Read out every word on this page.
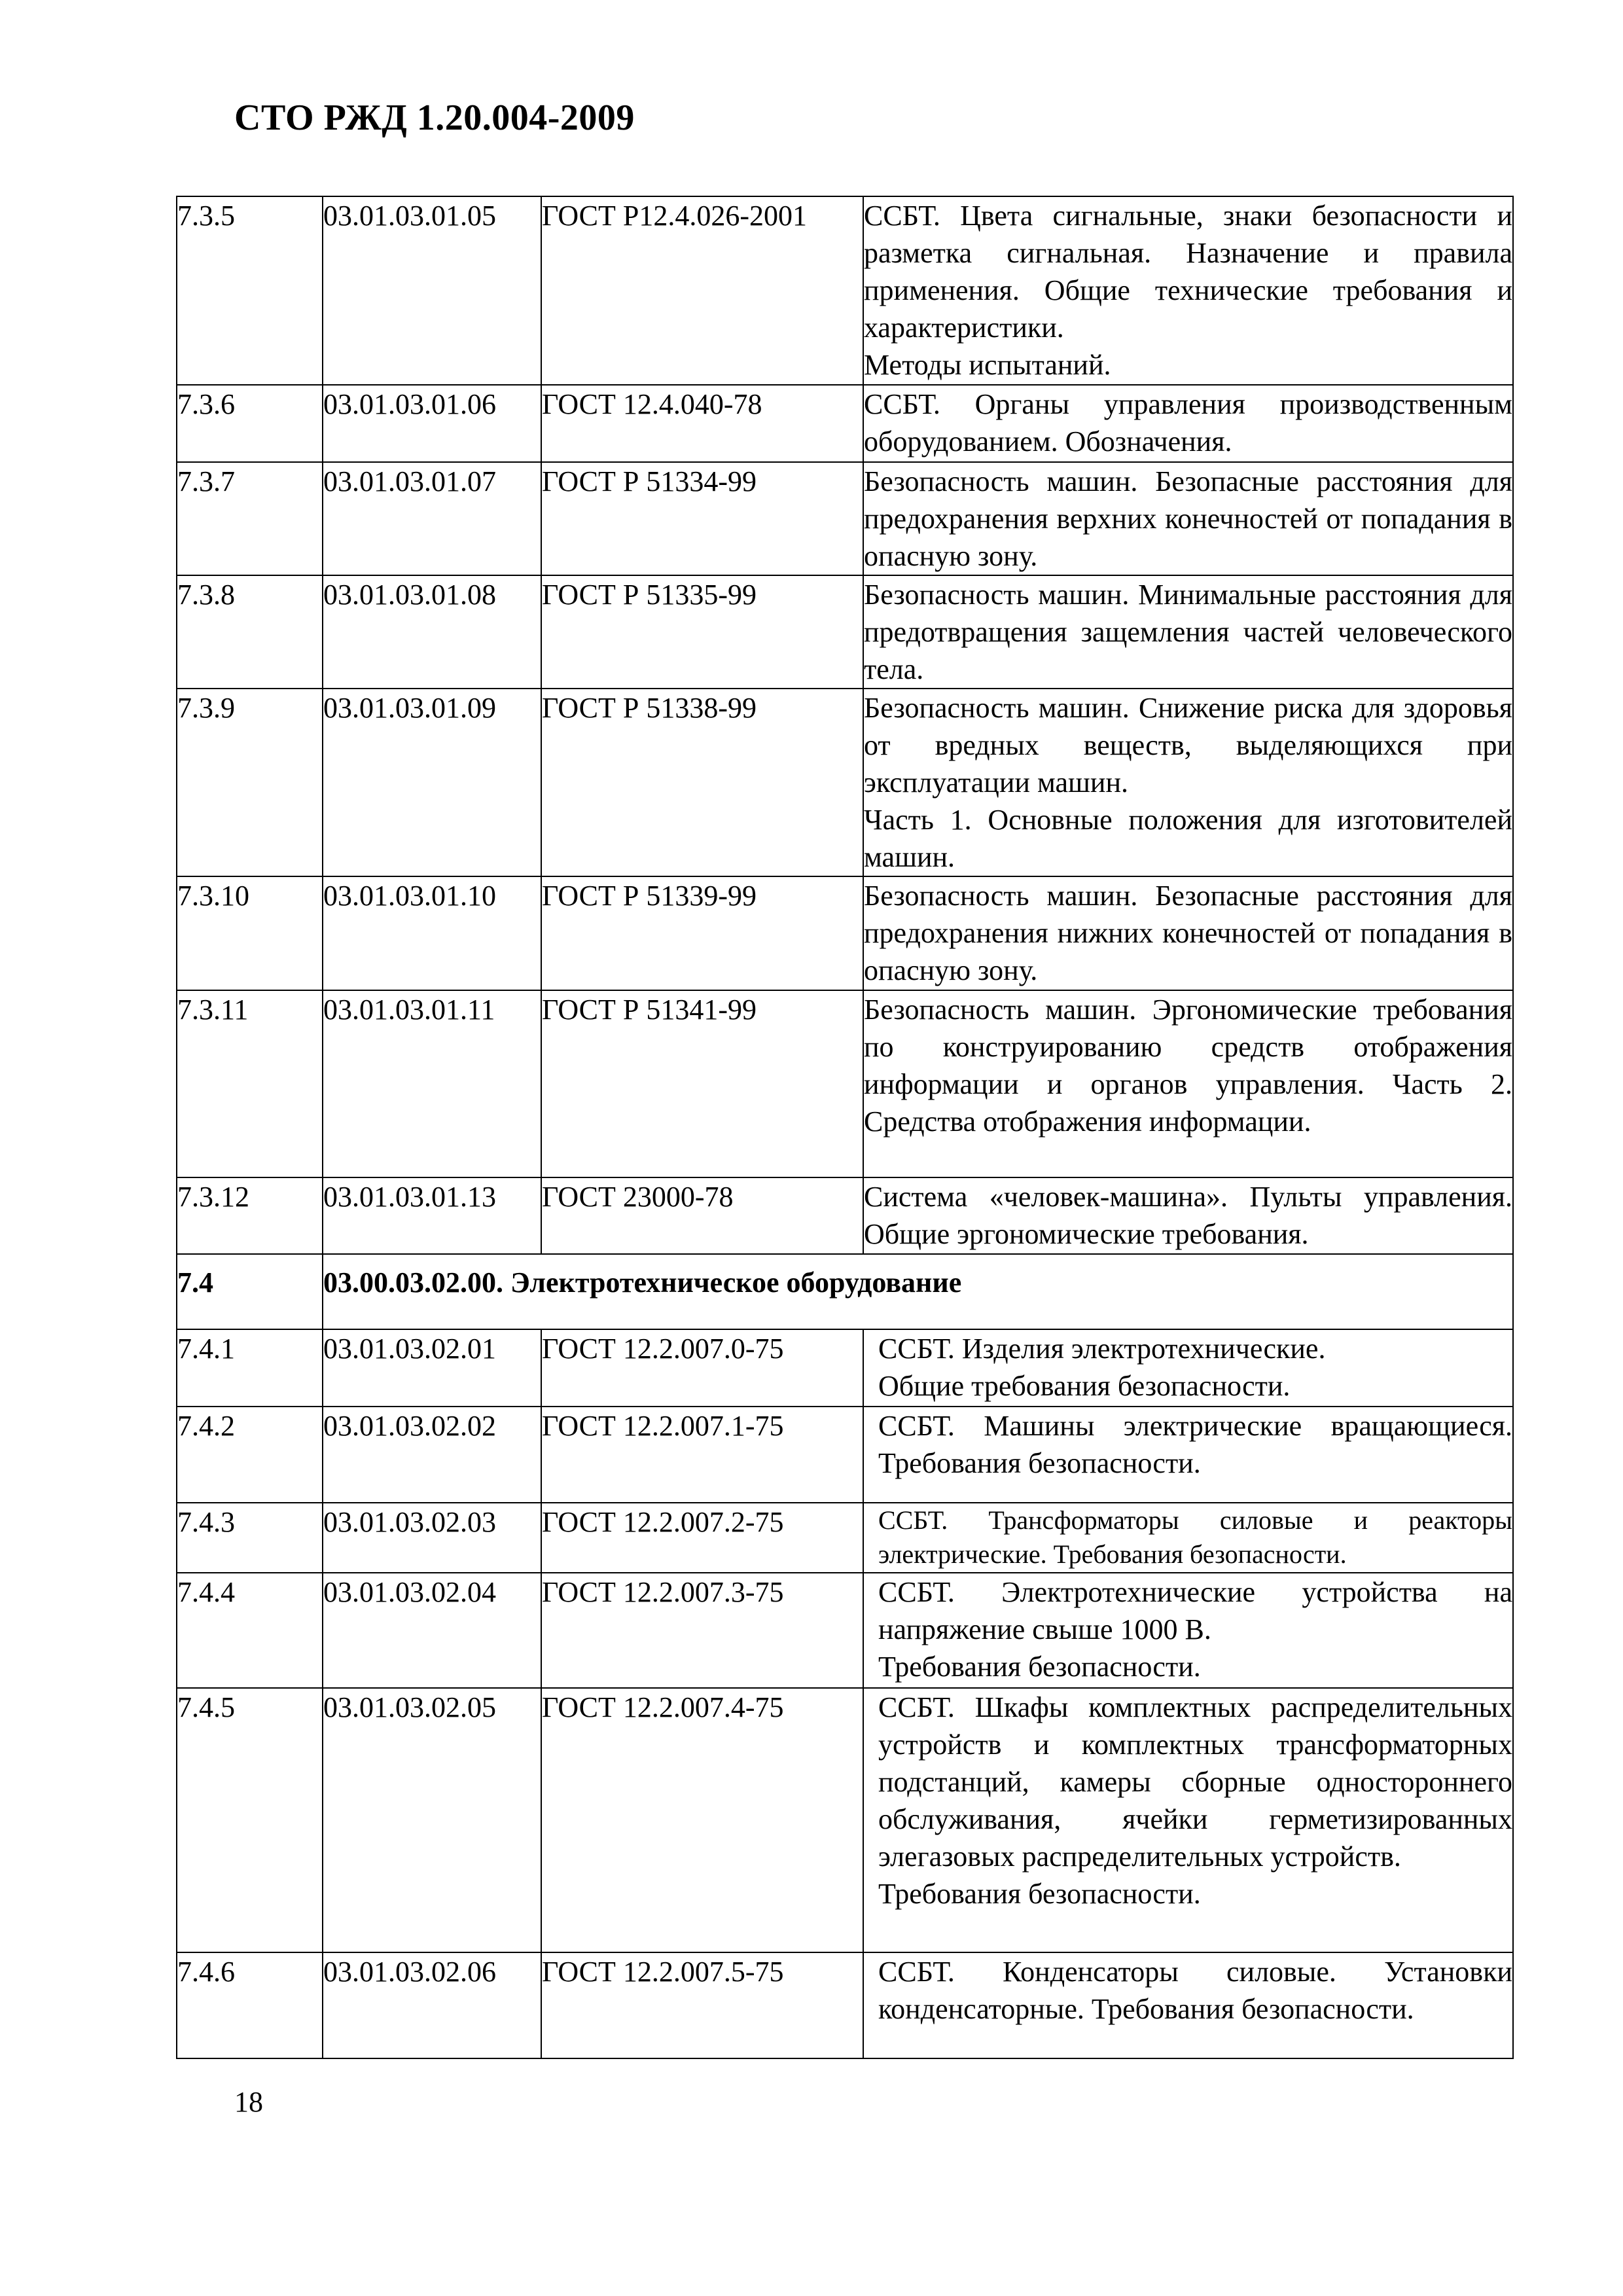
СТО РЖД 1.20.004-2009
7.3.5	03.01.03.01.05	ГОСТ Р12.4.026-2001	ССБТ. Цвета сигнальные, знаки безопасности и разметка сигнальная. Назначение и правила применения. Общие технические требования и характеристики.
Методы испытаний.

7.3.6	03.01.03.01.06	ГОСТ 12.4.040-78	ССБТ. Органы управления производственным оборудованием. Обозначения.
7.3.7	03.01.03.01.07	ГОСТ Р 51334-99	Безопасность машин. Безопасные расстояния для предохранения верхних конечностей от попадания в опасную зону.
7.3.8	03.01.03.01.08	ГОСТ Р 51335-99	Безопасность машин. Минимальные расстояния для предотвращения защемления частей человеческого тела.
7.3.9	03.01.03.01.09	ГОСТ Р 51338-99	Безопасность машин. Снижение риска для здоровья от вредных веществ, выделяющихся при эксплуатации машин.
Часть 1. Основные положения для изготовителей машин.

7.3.10	03.01.03.01.10	ГОСТ Р 51339-99	Безопасность машин. Безопасные расстояния для предохранения нижних конечностей от попадания в опасную зону.
7.3.11	03.01.03.01.11	ГОСТ Р 51341-99	Безопасность машин. Эргономические требования по конструированию средств отображения информации и органов управления. Часть 2. Средства отображения информации.
7.3.12	03.01.03.01.13	ГОСТ 23000-78	Система «человек-машина». Пульты управления. Общие эргономические требования.
7.4	03.00.03.02.00. Электротехническое оборудование		
7.4.1	03.01.03.02.01	ГОСТ 12.2.007.0-75	ССБТ. Изделия электротехнические.
Общие требования безопасности.

7.4.2	03.01.03.02.02	ГОСТ 12.2.007.1-75	ССБТ. Машины электрические вращающиеся. Требования безопасности.
7.4.3	03.01.03.02.03	ГОСТ 12.2.007.2-75	ССБТ. Трансформаторы силовые и реакторы электрические. Требования безопасности.
7.4.4	03.01.03.02.04	ГОСТ 12.2.007.3-75	ССБТ. Электротехнические устройства на напряжение свыше 1000 В.
Требования безопасности.

7.4.5	03.01.03.02.05	ГОСТ 12.2.007.4-75	ССБТ. Шкафы комплектных распределительных устройств и комплектных трансформаторных подстанций, камеры сборные одностороннего обслуживания, ячейки герметизированных элегазовых распределительных устройств.
Требования безопасности.

7.4.6	03.01.03.02.06	ГОСТ 12.2.007.5-75	ССБТ. Конденсаторы силовые. Установки конденсаторные. Требования безопасности.
18
